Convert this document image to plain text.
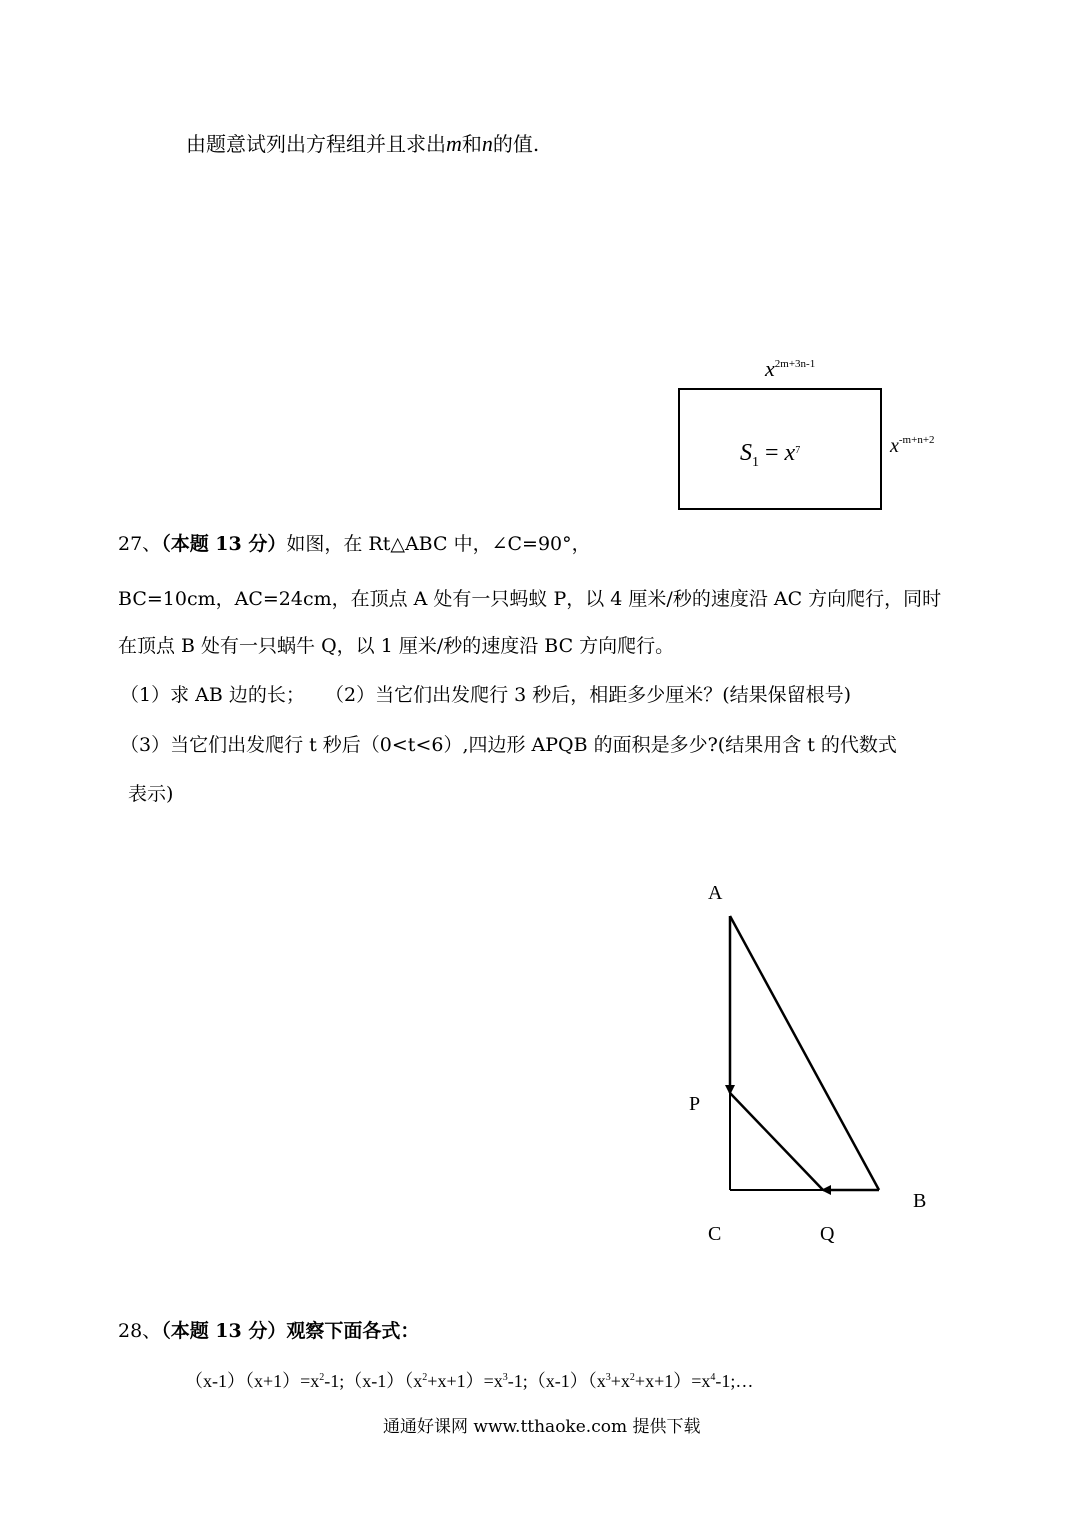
由题意试列出方程组并且求出m和n的值.
$x^{2m+3n-1}$
$x^{-m+n+2}$
$S_1 = x^7$
27、（本题 13 分）如图，在 Rt△ABC 中，∠C=90°，
BC=10cm，AC=24cm，在顶点 A 处有一只蚂蚁 P，以 4 厘米/秒的速度沿 AC 方向爬行，同时
在顶点 B 处有一只蜗牛 Q，以 1 厘米/秒的速度沿 BC 方向爬行。
（1）求 AB 边的长； （2）当它们出发爬行 3 秒后，相距多少厘米？(结果保留根号)
（3）当它们出发爬行 t 秒后（0<t<6）,四边形 APQB 的面积是多少?(结果用含 t 的代数式
表示)
A
P
B
C	Q
28、（本题 13 分）观察下面各式：
$(x-1)(x+1)=x^2-1;(x-1)(x^2+x+1)=x^3-1;(x-1)(x^3+x^2+x+1)=x^4-1;\dots$
通通好课网 www.tthaoke.com 提供下载
